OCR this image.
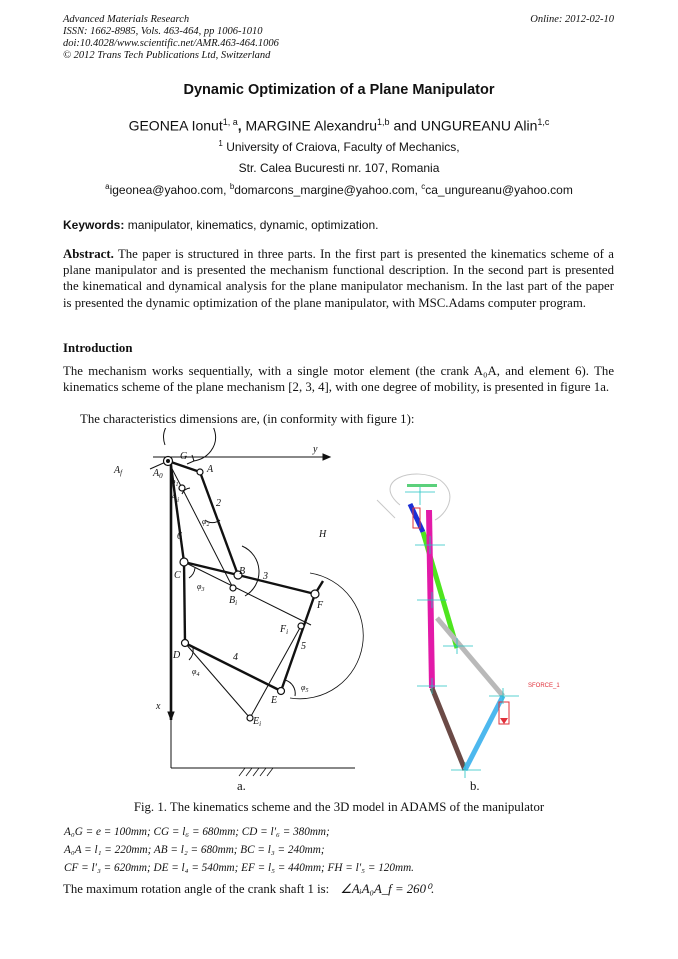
Advanced Materials Research
ISSN: 1662-8985, Vols. 463-464, pp 1006-1010
doi:10.4028/www.scientific.net/AMR.463-464.1006
© 2012 Trans Tech Publications Ltd, Switzerland
Online: 2012-02-10
Dynamic Optimization of a Plane Manipulator
GEONEA Ionut$^{1, a}$, MARGINE Alexandru$^{1,b}$ and UNGUREANU Alin$^{1,c}$
$^1$ University of Craiova, Faculty of Mechanics,
Str. Calea Bucuresti nr. 107, Romania
$^a$igeonea@yahoo.com, $^b$domarcons_margine@yahoo.com, $^c$ca_ungureanu@yahoo.com
Keywords: manipulator, kinematics, dynamic, optimization.
Abstract. The paper is structured in three parts. In the first part is presented the kinematics scheme of a plane manipulator and is presented the mechanism functional description. In the second part is presented the kinematical and dynamical analysis for the plane manipulator mechanism. In the last part of the paper is presented the dynamic optimization of the plane manipulator, with MSC.Adams computer program.
Introduction
The mechanism works sequentially, with a single motor element (the crank A₀A, and element 6). The kinematics scheme of the plane mechanism [2, 3, 4], with one degree of mobility, is presented in figure 1a.
The characteristics dimensions are, (in conformity with figure 1):
G
A
$A_f$	$A_0$
$A_i$
$\varphi_1$
2
$\varphi_2$
6	H
C	B
$B_i$
3
$\varphi_3$
F
$F_i$
5
D	4
$\varphi_4$
$\varphi_5$
E
$E_i$
x
y
SFORCE_1
a.	b.
Fig. 1. The kinematics scheme and the 3D model in ADAMS of the manipulator
A₀G = e = 100mm; CG = l₆ = 680mm; CD = l′₆ = 380mm;
A₀A = l₁ = 220mm; AB = l₂ = 680mm; BC = l₃ = 240mm;
CF = l′₃ = 620mm; DE = l₄ = 540mm; EF = l₅ = 440mm; FH = l′₅ = 120mm.
The maximum rotation angle of the crank shaft 1 is: ∠AᵢA₀A_f = 260⁰.
